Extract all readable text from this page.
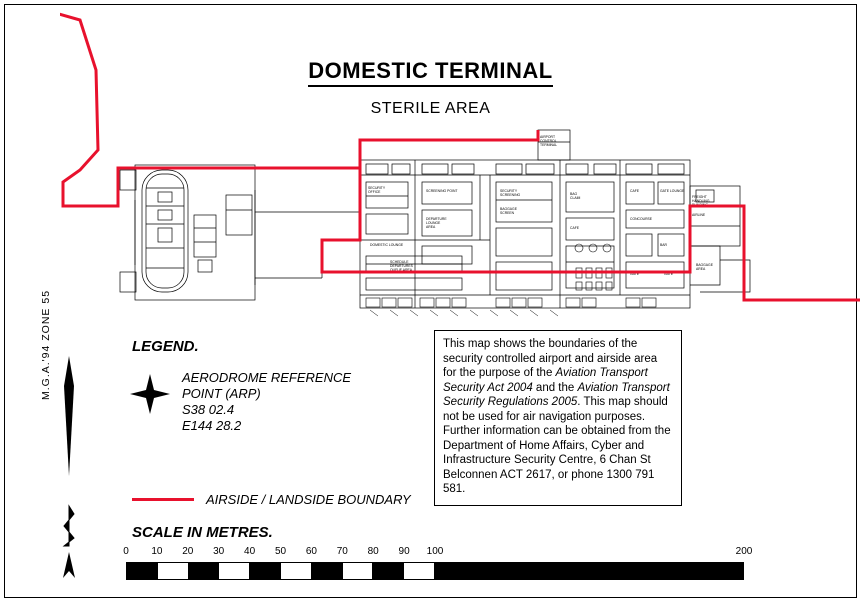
SECURITY
OFFICE	SCREENING POINT
DEPARTURE
LOUNGE
AREA
DOMESTIC LOUNGE
SCHEDULE
DEPARTURES
QUEUE AREA
SECURITY
SCREENING
BAGGAGE
SCREEN
BAG
CLAIM
CAFE
CAFE	GATE LOUNGE
CONCOURSE
BAR
GATE	GATE
FREIGHT
HANDLING
BUILDING
AIRLINE
AIRPORT
CONTROL
TERMINAL
BAGGAGE
AREA
DOMESTIC TERMINAL
STERILE AREA
LEGEND.
AERODROME REFERENCE
POINT (ARP)
S38 02.4
E144 28.2
AIRSIDE / LANDSIDE BOUNDARY
This map shows the boundaries of the security controlled airport and airside area for the purpose of the Aviation Transport Security Act 2004 and the Aviation Transport Security Regulations 2005. This map should not be used for air navigation purposes. Further information can be obtained from the Department of Home Affairs, Cyber and Infrastructure Security Centre, 6 Chan St Belconnen ACT 2617, or phone 1300 791 581.
SCALE IN METRES.
0 10 20 30 40 50 60 70 80 90 100	200
M.G.A.'94 ZONE 55
